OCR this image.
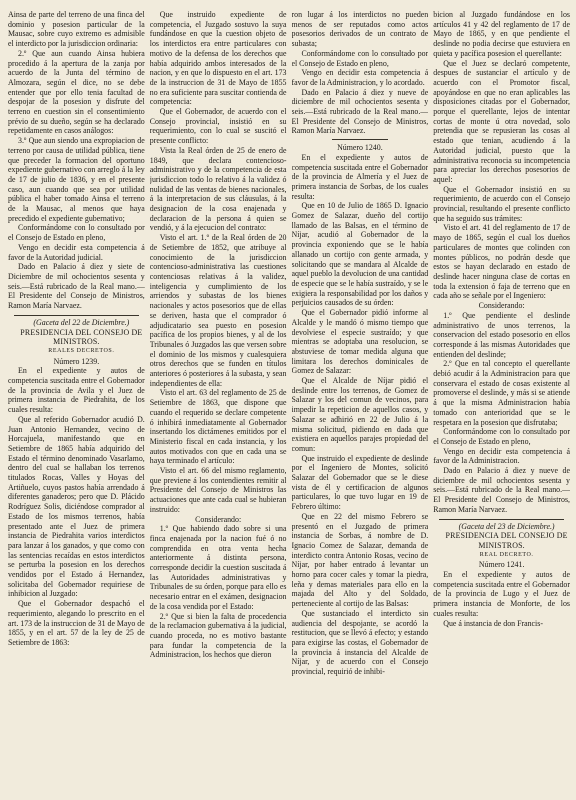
Ainsa de parte del terreno de una finca del dominio y posesion particular de la Mausac, sobre cuyo extremo es admisible el interdicto por la jurisdiccion ordinaria:

2.º Que aun cuando Ainsa hubiera procedido á la apertura de la zanja por acuerdo de la Junta del término de Almozara, según el dice, no se debe entender que por ello tenia facultad de despojar de la posesion y disfrute del terreno en cuestion sin el consentimiento prévio de su dueño, según se ha declarado repetidamente en casos análogos:

3.º Que aun siendo una expropiacion de terreno por causa de utilidad pública, tiene que preceder la formacion del oportuno expediente gubernativo con arreglo á la ley de 17 de julio de 1836, y en el presente caso, aun cuando que sea por utilidad pública el haber tomado Ainsa el terreno de la Mausac, al menos que haya precedido el expediente gubernativo;

Conformándome con lo consultado por el Consejo de Estado en pleno,

Vengo en decidir esta competencia á favor de la Autoridad judicial.

Dado en Palacio á diez y siete de Diciembre de mil ochocientos sesenta y seis.—Está rubricado de la Real mano.—El Presidente del Consejo de Ministros, Ramon María Narvaez.

(Gaceta del 22 de Diciembre.)

PRESIDENCIA DEL CONSEJO DE MINISTROS.

REALES DECRETOS.

Número 1239.

En el expediente y autos de competencia suscitada entre el Gobernador de la provincia de Avila y el Juez de primera instancia de Piedrahita, de los cuales resulta:

Que al referido Gobernador acudió D. Juan Antonio Hernandez, vecino de Horcajuela, manifestando que en Setiembre de 1865 había adquirido del Estado el término denominado Vasarlamo, dentro del cual se hallaban los terrenos titulados Rocas, Valles y Hoyas del Artiñuelo, cuyos pastos había arrendado á diferentes ganaderos; pero que D. Plácido Rodríguez Solis, diciéndose comprador al Estado de los mismos terrenos, había presentado ante el Juez de primera instancia de Piedrahita varios interdictos para lanzar á los ganados, y que como con las sentencias recaídas en estos interdictos se perturba la posesion en los derechos vendidos por el Estado á Hernandez, solicitaba del Gobernador requiriese de inhibicion al Juzgado:

Que el Gobernador despachó el requerimiento, alegando lo prescrito en el art. 173 de la instruccion de 31 de Mayo de 1855, y en el art. 57 de la ley de 25 de Setiembre de 1863:

Que instruido expediente de competencia, el Juzgado sostuvo la suya fundándose en que la cuestion objeto de los interdictos era entre particulares con motivo de la defensa de los derechos que había adquirido ambos interesados de la nacion, y en que lo dispuesto en el art. 173 de la instruccion de 31 de Mayo de 1855 no era suficiente para suscitar contienda de competencia:

Que el Gobernador, de acuerdo con el Consejo provincial, insistió en su requerimiento, con lo cual se suscitó el presente conflicto:

Vista la Real órden de 25 de enero de 1849, que declara contencioso-administrativo y de la competencia de esta jurisdiccion todo lo relativo á la validez ó nulidad de las ventas de bienes nacionales, á la interpretacion de sus cláusulas, á la designacion de la cosa enajenada y declaracion de la persona á quien se vendió, y á la ejecucion del contrato:

Visto el art. 1.º de la Real órden de 20 de Setiembre de 1852, que atribuye al conocimiento de la jurisdiccion contencioso-administrativa las cuestiones contenciosas relativas á la validez, inteligencia y cumplimiento de los arriendos y subastas de los bienes nacionales y actos posesorios que de ellas se deriven, hasta que el comprador ó adjudicatario sea puesto en posesion pacífica de los propios bienes, y al de los Tribunales ó Juzgados las que versen sobre el dominio de los mismos y cualesquiera otros derechos que se funden en títulos anteriores ó posteriores á la subasta, y sean independientes de ella:

Visto el art. 63 del reglamento de 25 de Setiembre de 1863, que dispone que cuando el requerido se declare competente ó inhibirá inmediatamente al Gobernador insertando los dictámenes emitidos por el Ministerio fiscal en cada instancia, y los autos motivados con que en cada una se haya terminado el artículo:

Visto el art. 66 del mismo reglamento, que previene á los contendientes remitir al Presidente del Consejo de Ministros las actuaciones que ante cada cual se hubieran instruido:

Considerando:

1.º Que habiendo dado sobre si una finca enajenada por la nacion fué ó no comprendida en otra venta hecha anteriormente á distinta persona, corresponde decidir la cuestion suscitada á las Autoridades administrativas y Tribunales de su órden, porque para ello es necesario entrar en el exámen, designacion de la cosa vendida por el Estado:

2.º Que si bien la falta de procedencia de la reclamacion gubernativa á la judicial, cuando proceda, no es motivo bastante para fundar la competencia de la Administracion, los hechos que dieron

ron lugar á los interdictos no pueden menos de ser reputados como actos posesorios derivados de un contrato de subasta;

Conformándome con lo consultado por el Consejo de Estado en pleno,

Vengo en decidir esta competencia á favor de la Administracion, y lo acordado.

Dado en Palacio á diez y nueve de diciembre de mil ochocientos sesenta y seis.—Está rubricado de la Real mano.—El Presidente del Consejo de Ministros, Ramon María Narvaez.

Número 1240.

En el expediente y autos de competencia suscitada entre el Gobernador de la provincia de Almería y el Juez de primera instancia de Sorbas, de los cuales resulta:

Que en 10 de Julio de 1865 D. Ignacio Gomez de Salazar, dueño del cortijo llamado de las Balsas, en el término de Níjar, acudió al Gobernador de la provincia exponiendo que se le había allanado un cortijo con gente armada, y solicitando que se mandara al Alcalde de aquel pueblo la devolucion de una cantidad de especie que se le había sustraído, y se le exigiera la responsabilidad por los daños y perjuicios causados de su órden:

Que el Gobernador pidió informe al Alcalde y le mandó ó mismo tiempo que devolviese el especie sustraído; y que mientras se adoptaba una resolucion, se abstuviese de tomar medida alguna que limitara los derechos dominicales de Gomez de Salazar:

Que el Alcalde de Níjar pidió el deslinde entre los terrenos, de Gomez de Salazar y los del comun de vecinos, para impedir la repeticion de aquellos casos, y Salazar se adhirió en 22 de Julio á la misma solicitud, pidiendo en dada que existiera en aquellos parajes propiedad del comun:

Que instruido el expediente de deslinde por el Ingeniero de Montes, solicitó Salazar del Gobernador que se le diese vista de él y certificacion de algunos particulares, lo que tuvo lugar en 19 de Febrero último:

Que en 22 del mismo Febrero se presentó en el Juzgado de primera instancia de Sorbas, á nombre de D. Ignacio Comez de Salazar, demanda de interdicto contra Antonio Rosas, vecino de Níjar, por haber entrado á levantar un horno para cocer cales y tomar la piedra, leña y demas materiales para ello en la majada del Alto y del Soldado, perteneciente al cortijo de las Balsas:

Que sustanciado el interdicto sin audiencia del despojante, se acordó la restitucion, que se llevó á efecto; y estando para exigirse las costas, el Gobernador de la provincia á instancia del Alcalde de Níjar, y de acuerdo con el Consejo provincial, requirió de inhibi-

bicion al Juzgado fundándose en los artículos 41 y 42 del reglamento de 17 de Mayo de 1865, y en que pendiente el deslinde no podia decirse que estuviera en quieta y pacífica posesion el querellante:

Que el Juez se declaró competente, despues de sustanciar el artículo y de acuerdo con el Promotor fiscal, apoyándose en que no eran aplicables las disposiciones citadas por el Gobernador, porque el querellante, lejos de intentar cortas de monte ú otra novedad, solo pretendia que se repusieran las cosas al estado que tenian, acudiendo á la Autoridad judicial, puesto que la administrativa reconocia su incompetencia para apreciar los derechos posesorios de aquel:

Que el Gobernador insistió en su requerimiento, de acuerdo con el Consejo provincial, resultando el presente conflicto que ha seguido sus trámites:

Visto el art. 41 del reglamento de 17 de mayo de 1865, según el cual los dueños particulares de montes que colinden con montes públicos, no podrán desde que estos se hayan declarado en estado de deslinde hacer ninguna clase de cortas en toda la extension ó faja de terreno que en cada año se señale por el Ingeniero:

Considerando:

1.º Que pendiente el deslinde administrativo de unos terrenos, la conservacion del estado posesorio en ellos corresponde á las mismas Autoridades que entienden del deslinde;

2.º Que en tal concepto el querellante debió acudir á la Administracion para que conservara el estado de cosas existente al promoverse el deslinde, y más si se atiende á que la misma Administracion había tomado con anterioridad que se le respetara en la posesion que disfrutaba;

Conformándome con lo consultado por el Consejo de Estado en pleno,

Vengo en decidir esta competencia á favor de la Administracion.

Dado en Palacio á diez y nueve de diciembre de mil ochocientos sesenta y seis.—Está rubricado de la Real mano.—El Presidente del Consejo de Ministros, Ramon María Narvaez.

(Gaceta del 23 de Diciembre.)

PRESIDENCIA DEL CONSEJO DE MINISTROS.

REAL DECRETO.

Número 1241.

En el expediente y autos de competencia suscitada entre el Gobernador de la provincia de Lugo y el Juez de primera instancia de Monforte, de los cuales resulta:

Que á instancia de don Francis-
